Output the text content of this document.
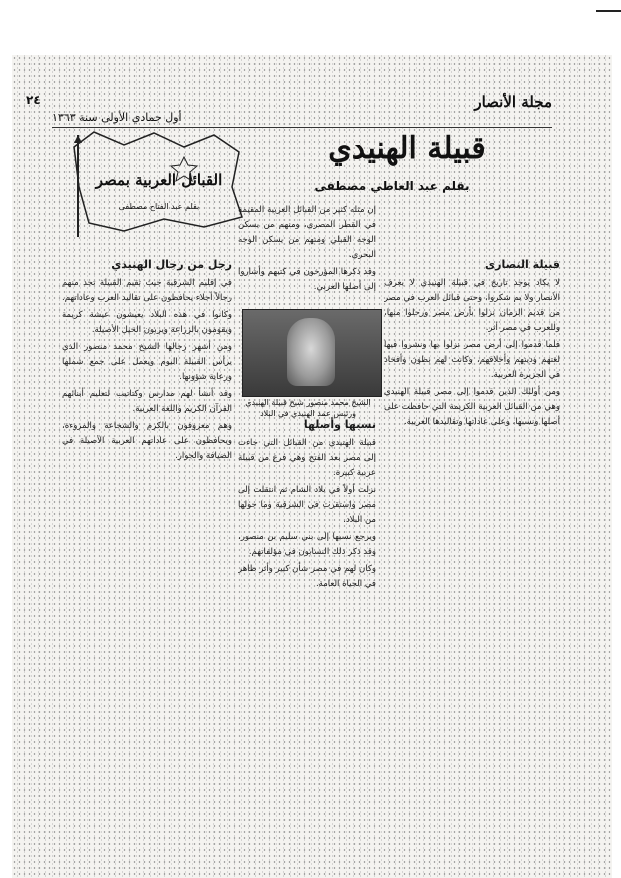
مجلة الأنصار
أول جمادي الأولى سنة ١٣٦٣
٢٤
القبائل العربية بمصر
بقلم عبد الفتاح مصطفى
قبيلة الهنيدي
بقلم عبد العاطي مصطفى
قبيلة النصارى

لا يكاد يوجد تاريخ في قبيلة الهنيدي لا يعرف الأنصار ولا بم شكروا، وحتى قبائل العرب في مصر من قديم الزمان نزلوا بأرض مصر ورحلوا منها، وللعرب في مصر أثر.

فلما قدموا إلى أرض مصر نزلوا بها ونشروا فيها لغتهم ودينهم وأخلاقهم، وكانت لهم بطون وأفخاذ في الجزيرة العربية.

ومن أولئك الذين قدموا إلى مصر قبيلة الهنيدي وهي من القبائل العربية الكريمة التي حافظت على أصلها ونسبها، وعلى عاداتها وتقاليدها العربية.

إن مثله كثير من القبائل العربية المقيمة في القطر المصري، ومنهم من يسكن الوجه القبلي ومنهم من يسكن الوجه البحري.

وقد ذكرها المؤرخون في كتبهم وأشاروا إلى أصلها العربي.

الشيخ محمد منصور شيخ قبيلة الهنيدي ورئيس عمد الهنيدي في البلاد
نسبها وأصلها

قبيلة الهنيدي من القبائل التي جاءت إلى مصر بعد الفتح وهي فرع من قبيلة عربية كبيرة.

نزلت أولاً في بلاد الشام ثم انتقلت إلى مصر واستقرت في الشرقية وما حولها من البلاد.

ويرجع نسبها إلى بني سليم بن منصور، وقد ذكر ذلك النسابون في مؤلفاتهم.

وكان لهم في مصر شأن كبير وأثر ظاهر في الحياة العامة.

رجل من رجال الهنيدي

في إقليم الشرقية حيث تقيم القبيلة تجد منهم رجالاً أجلاء يحافظون على تقاليد العرب وعاداتهم.

وكانوا في هذه البلاد يعيشون عيشة كريمة ويقومون بالزراعة ويربون الخيل الأصيلة.

ومن أشهر رجالها الشيخ محمد منصور الذي يرأس القبيلة اليوم ويعمل على جمع شملها ورعاية شؤونها.

وقد أنشأ لهم مدارس وكتاتيب لتعليم أبنائهم القرآن الكريم واللغة العربية.

وهم معروفون بالكرم والشجاعة والمروءة، ويحافظون على عاداتهم العربية الأصيلة في الضيافة والجوار.
